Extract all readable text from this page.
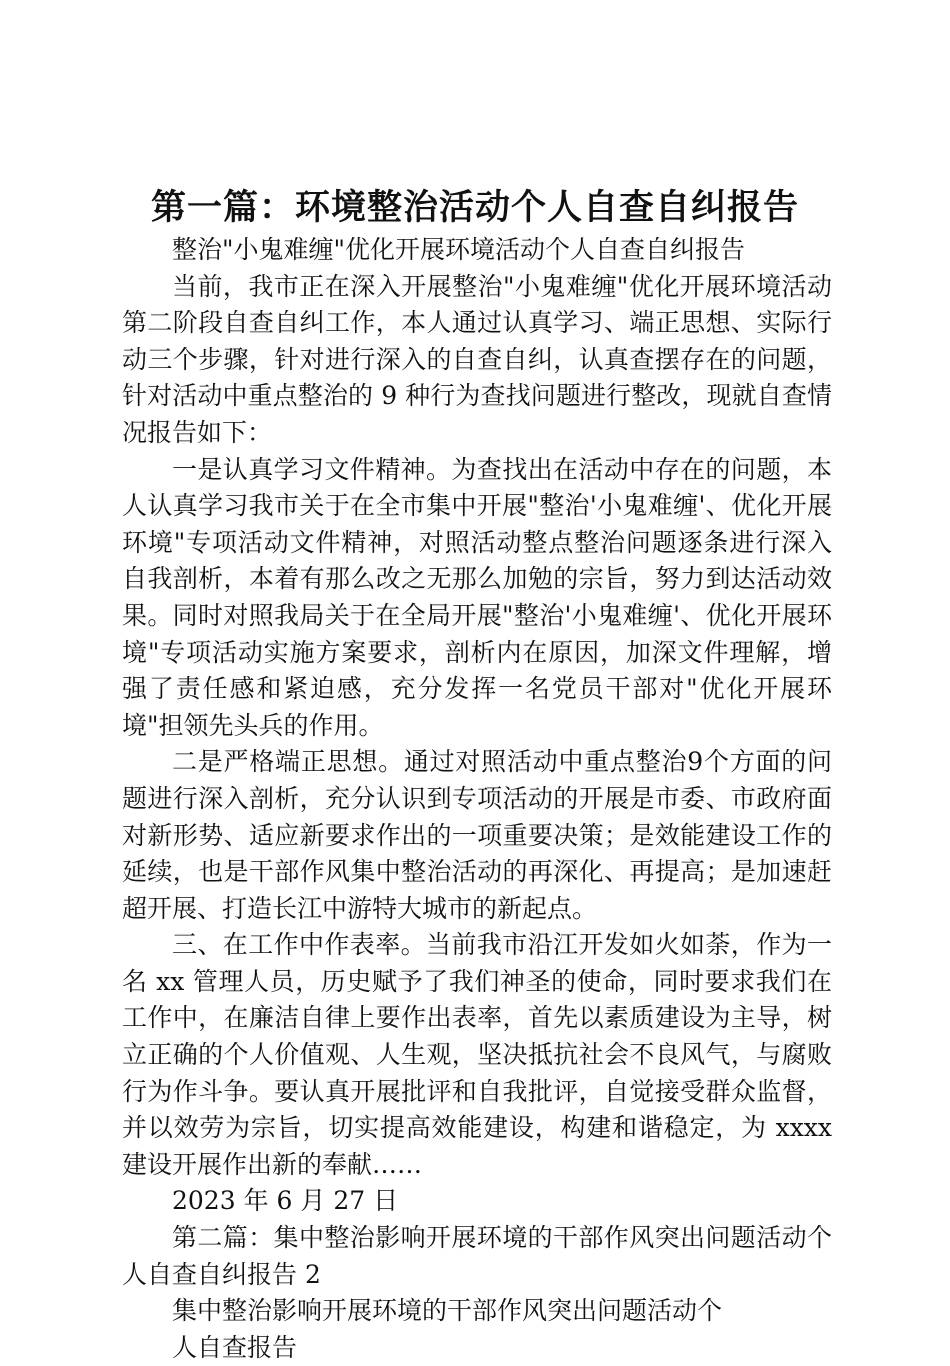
第一篇：环境整治活动个人自查自纠报告

整治"小鬼难缠"优化开展环境活动个人自查自纠报告

当前，我市正在深入开展整治"小鬼难缠"优化开展环境活动第二阶段自查自纠工作，本人通过认真学习、端正思想、实际行动三个步骤，针对进行深入的自查自纠，认真查摆存在的问题，针对活动中重点整治的 9 种行为查找问题进行整改，现就自查情况报告如下：

一是认真学习文件精神。为查找出在活动中存在的问题，本人认真学习我市关于在全市集中开展"整治'小鬼难缠'、优化开展环境"专项活动文件精神，对照活动整点整治问题逐条进行深入自我剖析，本着有那么改之无那么加勉的宗旨，努力到达活动效果。同时对照我局关于在全局开展"整治'小鬼难缠'、优化开展环境"专项活动实施方案要求，剖析内在原因，加深文件理解，增强了责任感和紧迫感，充分发挥一名党员干部对"优化开展环境"担领先头兵的作用。

二是严格端正思想。通过对照活动中重点整治9个方面的问题进行深入剖析，充分认识到专项活动的开展是市委、市政府面对新形势、适应新要求作出的一项重要决策；是效能建设工作的延续，也是干部作风集中整治活动的再深化、再提高；是加速赶超开展、打造长江中游特大城市的新起点。

三、在工作中作表率。当前我市沿江开发如火如荼，作为一名 xx 管理人员，历史赋予了我们神圣的使命，同时要求我们在工作中，在廉洁自律上要作出表率，首先以素质建设为主导，树立正确的个人价值观、人生观，坚决抵抗社会不良风气，与腐败行为作斗争。要认真开展批评和自我批评，自觉接受群众监督，并以效劳为宗旨，切实提高效能建设，构建和谐稳定，为 xxxx 建设开展作出新的奉献……

2023 年 6 月 27 日

第二篇：集中整治影响开展环境的干部作风突出问题活动个人自查自纠报告 2

集中整治影响开展环境的干部作风突出问题活动个

人自查报告
